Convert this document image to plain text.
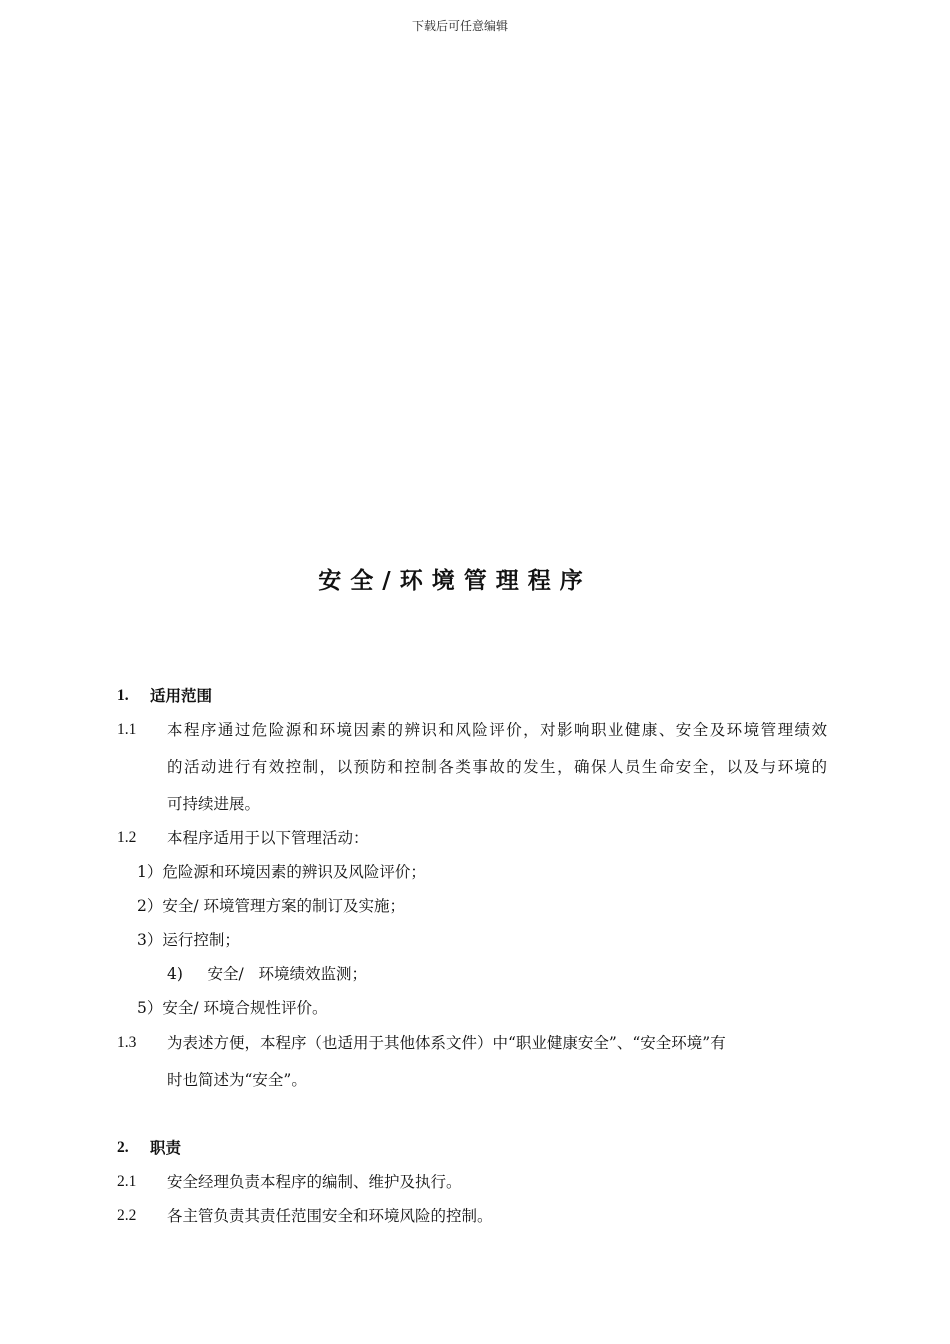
下载后可任意编辑
安全/环境管理程序
1. 适用范围
1.1 本程序通过危险源和环境因素的辨识和风险评价，对影响职业健康、安全及环境管理绩效
的活动进行有效控制，以预防和控制各类事故的发生，确保人员生命安全，以及与环境的
可持续进展。
1.2 本程序适用于以下管理活动：
1）危险源和环境因素的辨识及风险评价；
2）安全/ 环境管理方案的制订及实施；
3）运行控制；
4)     安全/   环境绩效监测；
5）安全/ 环境合规性评价。
1.3 为表述方便，本程序（也适用于其他体系文件）中“职业健康安全”、“安全环境”有
时也简述为“安全”。
2. 职责
2.1 安全经理负责本程序的编制、维护及执行。
2.2 各主管负责其责任范围安全和环境风险的控制。
